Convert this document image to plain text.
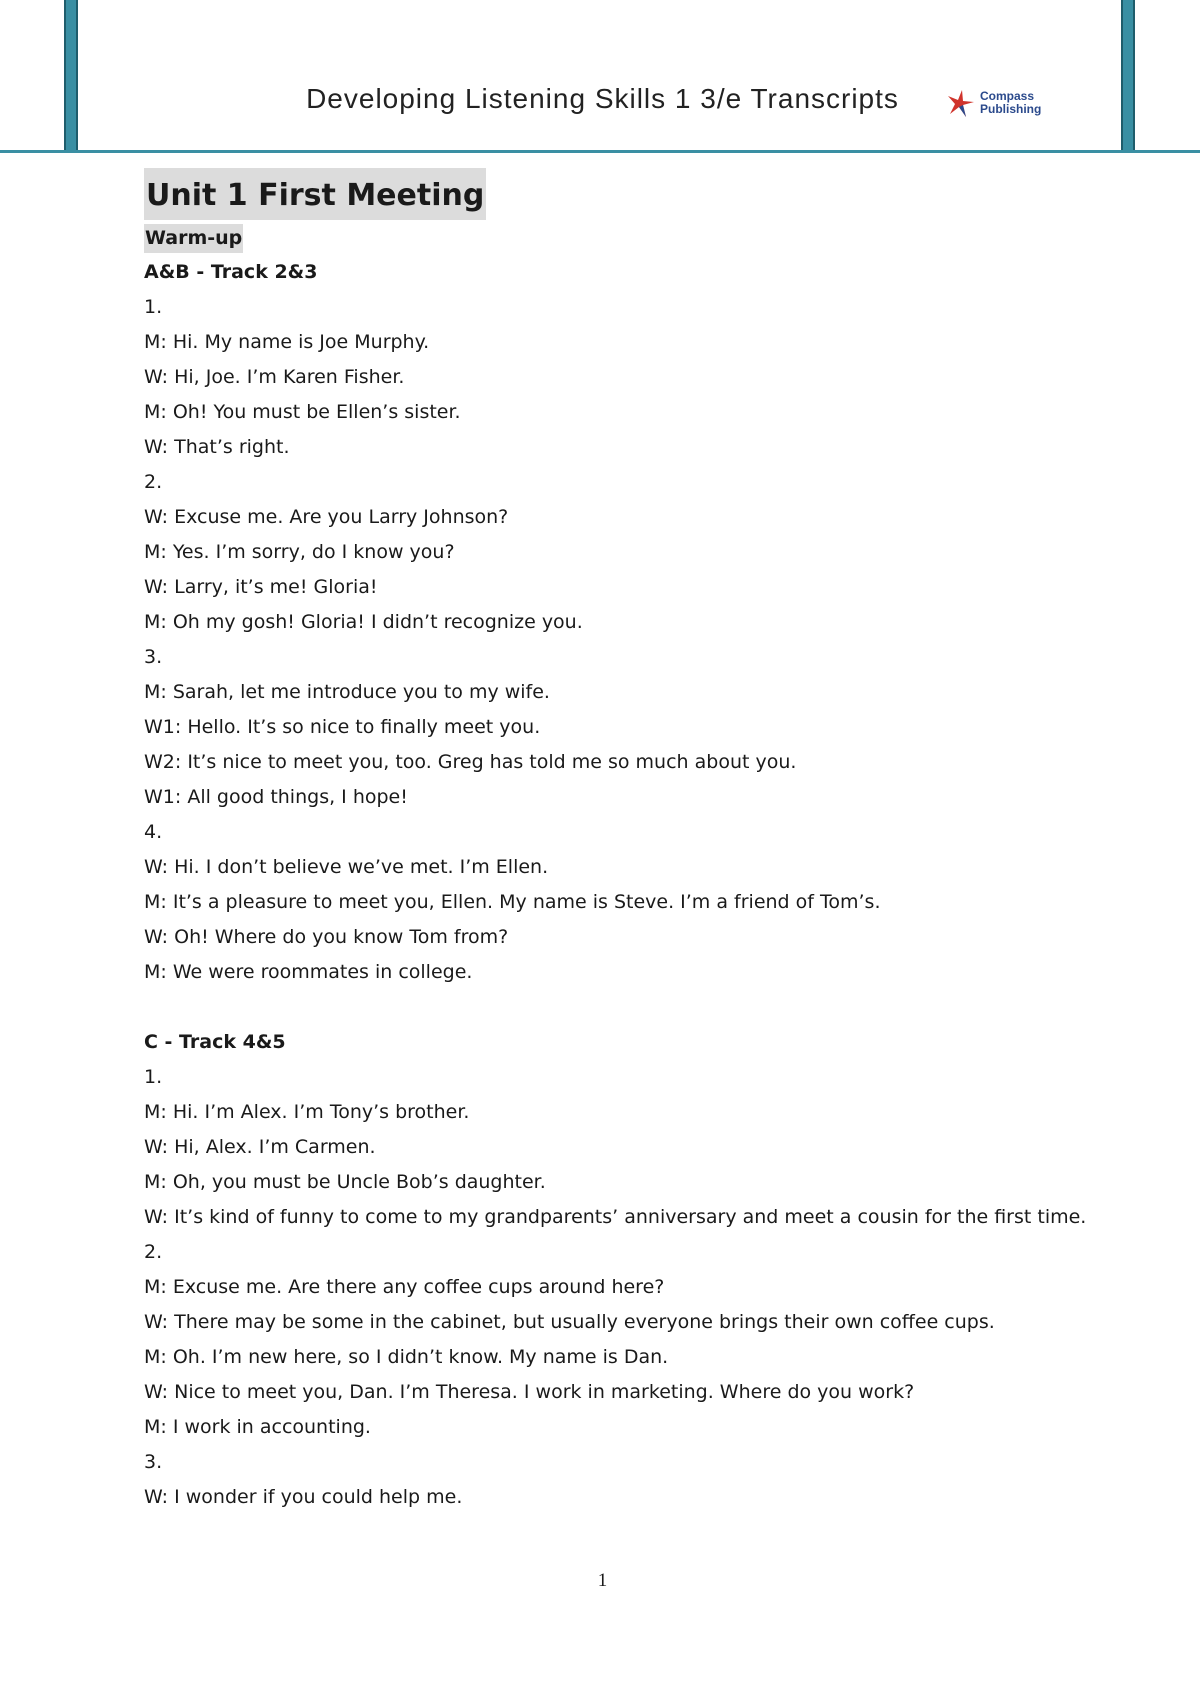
Developing Listening Skills 1 3/e Transcripts	Compass
Publishing
Unit 1 First Meeting
Warm-up
A&B - Track 2&3
1.
M: Hi. My name is Joe Murphy.
W: Hi, Joe. I’m Karen Fisher.
M: Oh! You must be Ellen’s sister.
W: That’s right.
2.
W: Excuse me. Are you Larry Johnson?
M: Yes. I’m sorry, do I know you?
W: Larry, it’s me! Gloria!
M: Oh my gosh! Gloria! I didn’t recognize you.
3.
M: Sarah, let me introduce you to my wife.
W1: Hello. It’s so nice to finally meet you.
W2: It’s nice to meet you, too. Greg has told me so much about you.
W1: All good things, I hope!
4.
W: Hi. I don’t believe we’ve met. I’m Ellen.
M: It’s a pleasure to meet you, Ellen. My name is Steve. I’m a friend of Tom’s.
W: Oh! Where do you know Tom from?
M: We were roommates in college.
C - Track 4&5
1.
M: Hi. I’m Alex. I’m Tony’s brother.
W: Hi, Alex. I’m Carmen.
M: Oh, you must be Uncle Bob’s daughter.
W: It’s kind of funny to come to my grandparents’ anniversary and meet a cousin for the first time.
2.
M: Excuse me. Are there any coffee cups around here?
W: There may be some in the cabinet, but usually everyone brings their own coffee cups.
M: Oh. I’m new here, so I didn’t know. My name is Dan.
W: Nice to meet you, Dan. I’m Theresa. I work in marketing. Where do you work?
M: I work in accounting.
3.
W: I wonder if you could help me.
1
